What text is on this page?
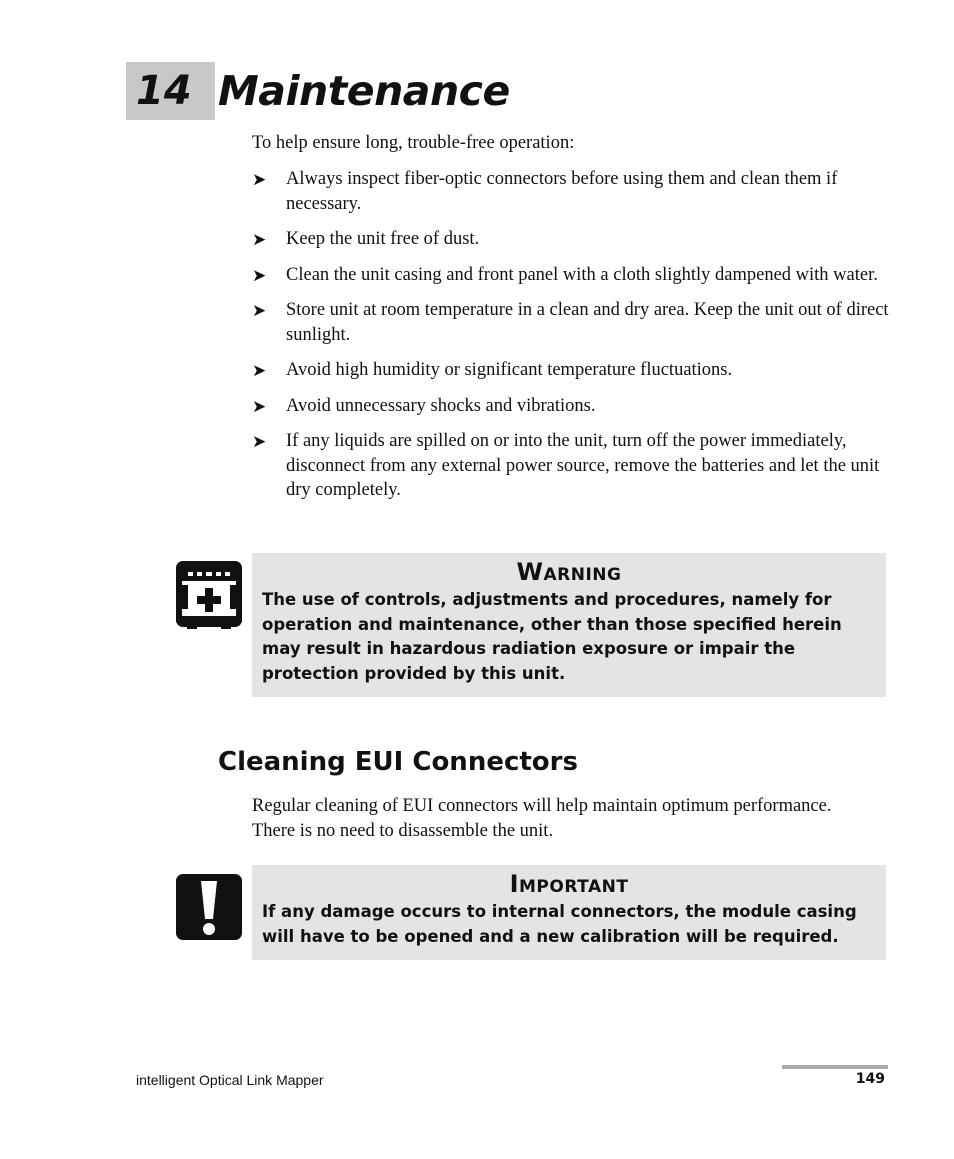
14 Maintenance
To help ensure long, trouble-free operation:
➤ Always inspect fiber-optic connectors before using them and clean them if necessary.
➤ Keep the unit free of dust.
➤ Clean the unit casing and front panel with a cloth slightly dampened with water.
➤ Store unit at room temperature in a clean and dry area. Keep the unit out of direct sunlight.
➤ Avoid high humidity or significant temperature fluctuations.
➤ Avoid unnecessary shocks and vibrations.
➤ If any liquids are spilled on or into the unit, turn off the power immediately, disconnect from any external power source, remove the batteries and let the unit dry completely.

Warning

The use of controls, adjustments and procedures, namely for operation and maintenance, other than those specified herein may result in hazardous radiation exposure or impair the protection provided by this unit.

Cleaning EUI Connectors
Regular cleaning of EUI connectors will help maintain optimum performance. There is no need to disassemble the unit.

Important

If any damage occurs to internal connectors, the module casing will have to be opened and a new calibration will be required.

intelligent Optical Link Mapper	149
